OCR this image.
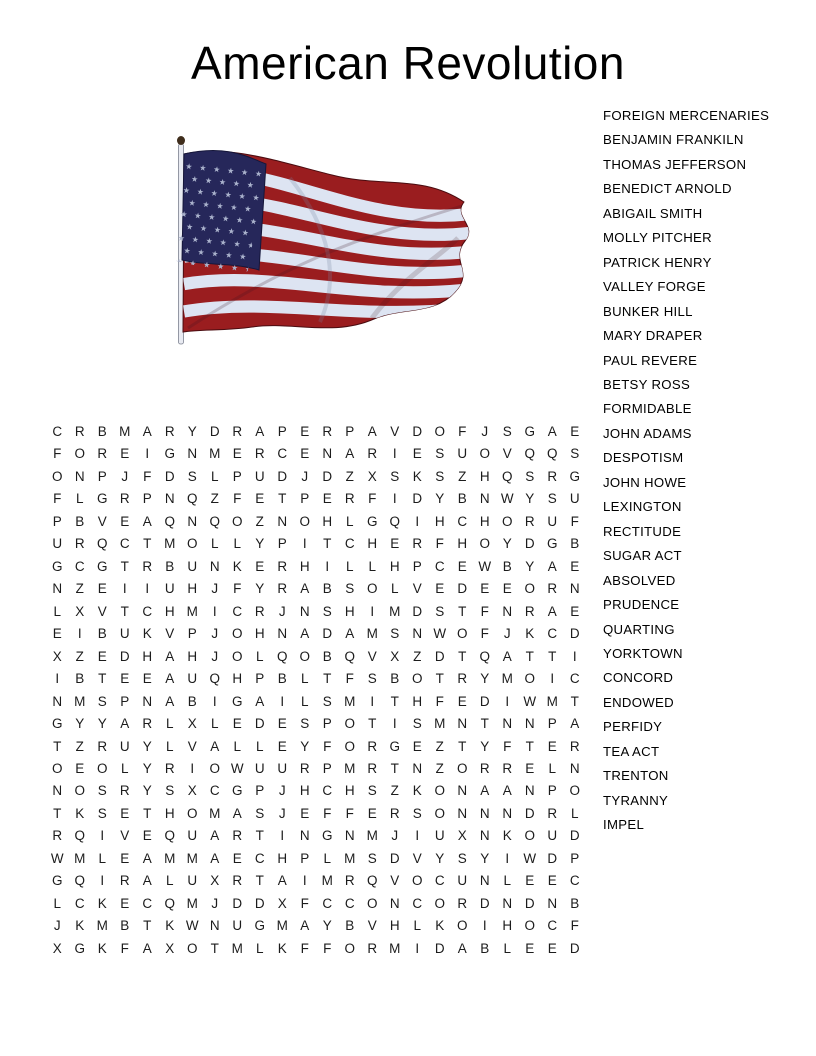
American Revolution
FOREIGN MERCENARIES
BENJAMIN FRANKILN
THOMAS JEFFERSON
BENEDICT ARNOLD
ABIGAIL SMITH
MOLLY PITCHER
PATRICK HENRY
VALLEY FORGE
BUNKER HILL
MARY DRAPER
PAUL REVERE
BETSY ROSS
FORMIDABLE
JOHN ADAMS
DESPOTISM
JOHN HOWE
LEXINGTON
RECTITUDE
SUGAR ACT
ABSOLVED
PRUDENCE
QUARTING
YORKTOWN
CONCORD
ENDOWED
PERFIDY
TEA ACT
TRENTON
TYRANNY
IMPEL
C R B M A R Y D R A P E R P A V D O F	J	S G A E
F O R E	I	G N M E R C E N A R	I	E S U O V Q Q S
O N P	J	F	D S	L	P U D	J	D	Z	X S K S	Z	H Q S R G
F	L G R P N Q Z	F	E	T	P E R	F	I	D Y B N W Y S U
P B V E A Q N Q O Z	N O H	L G Q	I	H C H O R U	F
U R Q C	T M O L	L	Y P	I	T	C H E R	F	H O Y D G B
G C G T	R B U N K E R H	I	L	L	H P C E W B Y A E
N	Z	E	I	I	U H	J	F	Y R A B S O L	V E D E E O R N
L	X V	T	C H M	I	C R	J	N S H	I	M D S	T	F	N R A E
E	I	B U K V P	J	O H N A D A M S N W O F	J	K C D
X	Z	E D H A H	J	O L Q O B Q V X	Z	D	T Q A	T	T	I
I	B	T	E E A U Q H P B	L	T	F	S B O T	R Y M O	I	C
N M S P N A B	I	G A	I	L	S M	I	T	H	F	E D	I	W M T
G Y Y A R	L	X	L	E D E S P O T	I	S M N	T	N N P A
T	Z	R U Y	L	V A	L	L	E Y	F O R G E	Z	T	Y	F	T	E R
O E O L	Y R	I	O W U U R P M R	T	N	Z O R R E	L	N
N O S R Y S X C G P	J	H C H S	Z	K O N A A N P O
T	K S E	T	H O M A S	J	E	F	F	E R S O N N N D R	L
R Q	I	V E Q U A R	T	I	N G N M	J	I	U X N K O U D
W M L	E A M M A E C H P	L M S D V Y S Y	I	W D P
G Q	I	R A	L	U X R	T	A	I	M R Q V O C U N	L	E E C
L	C K E C Q M	J	D D X	F	C C O N C O R D N D N B
J	K M B	T	K W N U G M A Y B V H	L	K O	I	H O C	F
X G K	F	A X O T M L	K	F	F O R M	I	D A B	L	E E D
